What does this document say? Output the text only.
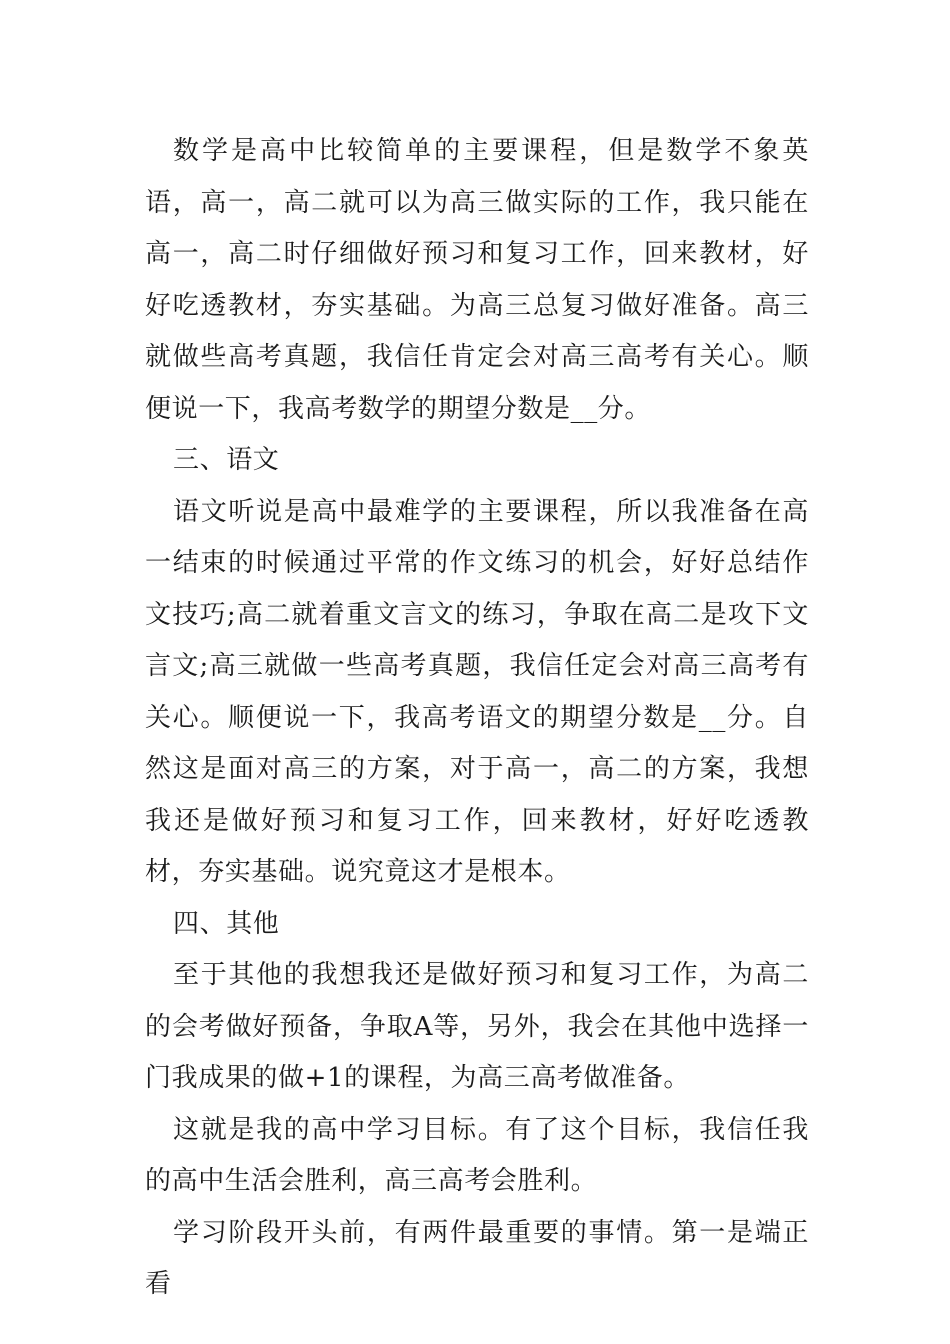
数学是高中比较简单的主要课程，但是数学不象英语，高一，高二就可以为高三做实际的工作，我只能在高一，高二时仔细做好预习和复习工作，回来教材，好好吃透教材，夯实基础。为高三总复习做好准备。高三就做些高考真题，我信任肯定会对高三高考有关心。顺便说一下，我高考数学的期望分数是__分。

三、语文

语文听说是高中最难学的主要课程，所以我准备在高一结束的时候通过平常的作文练习的机会，好好总结作文技巧;高二就着重文言文的练习，争取在高二是攻下文言文;高三就做一些高考真题，我信任定会对高三高考有关心。顺便说一下，我高考语文的期望分数是__分。自然这是面对高三的方案，对于高一，高二的方案，我想我还是做好预习和复习工作，回来教材，好好吃透教材，夯实基础。说究竟这才是根本。

四、其他

至于其他的我想我还是做好预习和复习工作，为高二的会考做好预备，争取A等，另外，我会在其他中选择一门我成果的做+1的课程，为高三高考做准备。

这就是我的高中学习目标。有了这个目标，我信任我的高中生活会胜利，高三高考会胜利。

学习阶段开头前，有两件最重要的事情。第一是端正看
